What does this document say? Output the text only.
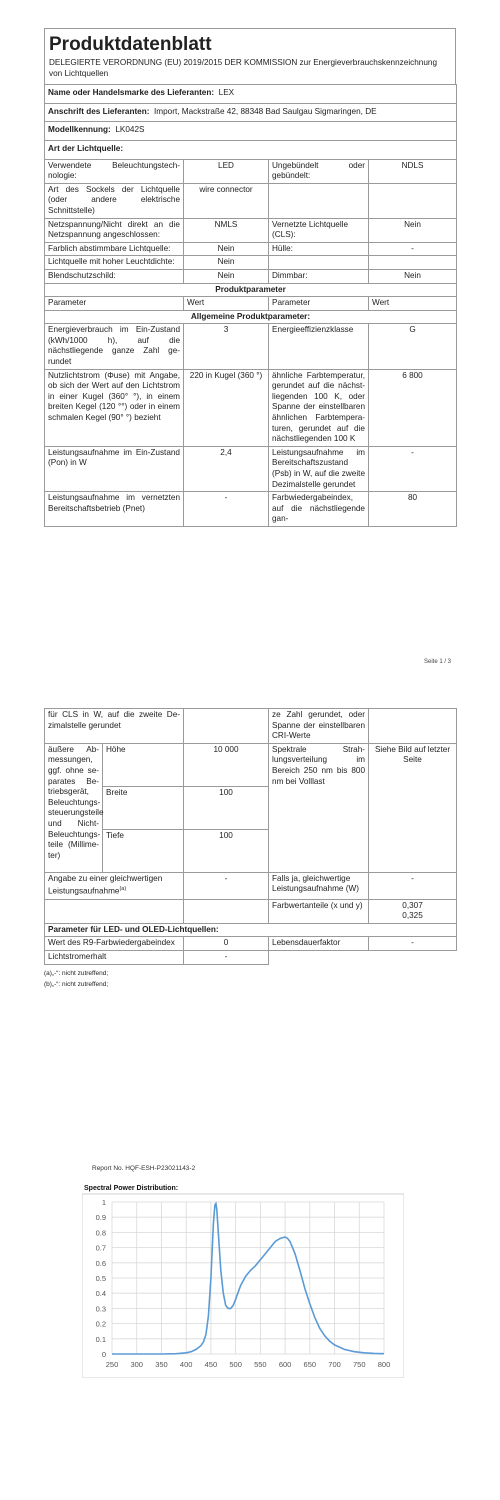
Produktdatenblatt
DELEGIERTE VERORDNUNG (EU) 2019/2015 DER KOMMISSION zur Energieverbrauchskennzeichnung von Lichtquellen
Name oder Handelsmarke des Lieferanten: LEX			
Anschrift des Lieferanten: Import, Mackstraße 42, 88348 Bad Saulgau Sigmaringen, DE			
Modellkennung: LK042S			
Art der Lichtquelle:			
Verwendete Beleuchtungstechnologie:	LED	Ungebündelt oder gebündelt:	NDLS
Art des Sockels der Lichtquelle (oder andere elektrische Schnittstelle)	wire connector		
Netzspannung/Nicht direkt an die Netzspannung angeschlossen:	NMLS	Vernetzte Lichtquelle (CLS):	Nein
Farblich abstimmbare Lichtquelle:	Nein	Hülle:	-
Lichtquelle mit hoher Leuchtdichte:	Nein		
Blendschutzschild:	Nein	Dimmbar:	Nein
Produktparameter			
Parameter	Wert	Parameter	Wert
Allgemeine Produktparameter:			
Energieverbrauch im Ein-Zustand (kWh/1000 h), auf die nächstliegende ganze Zahl gerundet	3	Energieeffizienzklasse	G
Nutzlichtstrom (Φuse) mit Angabe, ob sich der Wert auf den Lichtstrom in einer Kugel (360° °), in einem breiten Kegel (120 °°) oder in einem schmalen Kegel (90° °) bezieht	220 in Kugel (360 °)	ähnliche Farbtemperatur, gerundet auf die nächstliegenden 100 K, oder Spanne der einstellbaren ähnlichen Farbtemperaturen, gerundet auf die nächstliegenden 100 K	6 800
Leistungsaufnahme im Ein-Zustand (Pon) in W	2,4	Leistungsaufnahme im Bereitschaftszustand (Psb) in W, auf die zweite Dezimalstelle gerundet	-
Leistungsaufnahme im vernetzten Bereitschaftsbetrieb (Pnet)	-	Farbwiedergabeindex, auf die nächstliegende gan-	80
Seite 1 / 3
für CLS in W, auf die zweite Dezimalstelle gerundet			ze Zahl gerundet, oder Spanne der einstellbaren CRI-Werte	
äußere Abmessungen, ggf. ohne separates Betriebsgerät, Beleuchtungssteuerungsteile und Nicht-Beleuchtungsteile (Millimeter)	Höhe	10 000	Spektrale Strahlungsverteilung im Bereich 250 nm bis 800 nm bei Volllast	Siehe Bild auf letzter Seite
	Breite	100		
	Tiefe	100		
Angabe zu einer gleichwertigen Leistungsaufnahme$^{(a)}$		-	Falls ja, gleichwertige Leistungsaufnahme (W)	-
			Farbwertanteile (x und y)	0,307
0,325

Parameter für LED- und OLED-Lichtquellen:				
Wert des R9-Farbwiedergabeindex		0	Lebensdauerfaktor	-
Lichtstromerhalt		-		
(a)„-“: nicht zutreffend;
(b)„-“: nicht zutreffend;
Report No. HQF-ESH-P23021143-2
Spectral Power Distribution:
0
0.1
0.2
0.3
0.4
0.5
0.6
0.7
0.8
0.9
1
250 300 350 400 450 500 550 600 650 700 750 800
